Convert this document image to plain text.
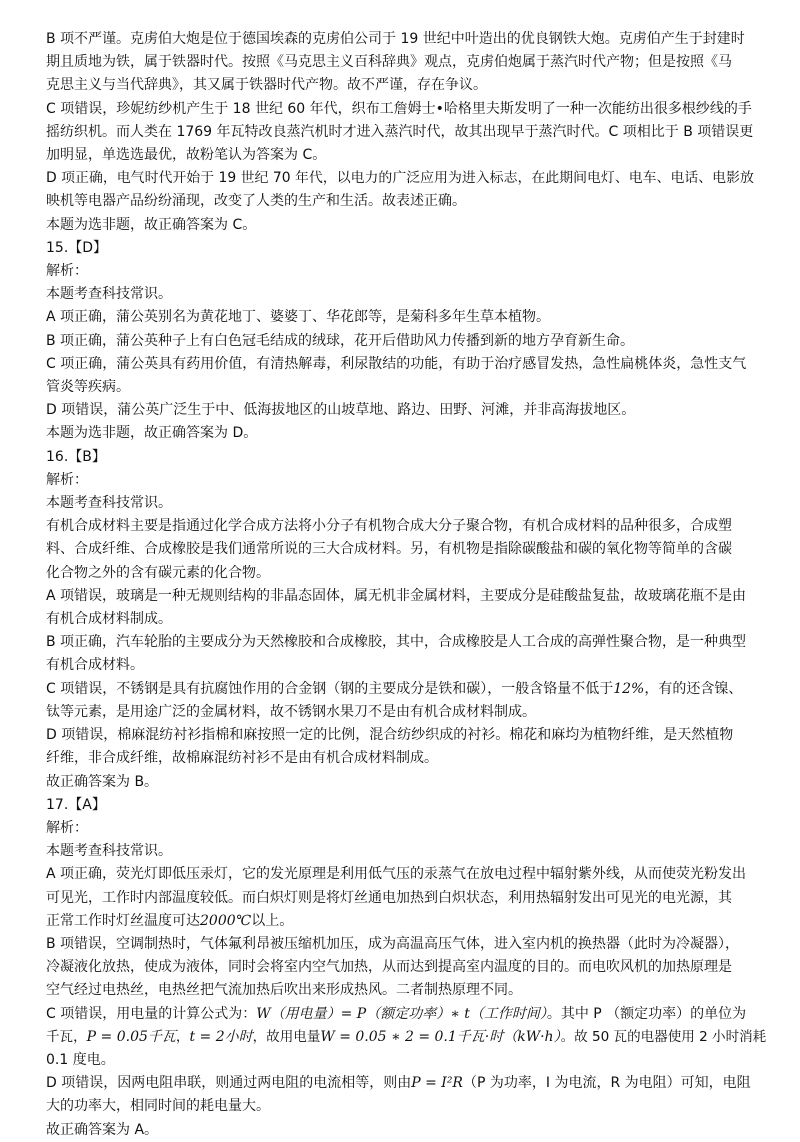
B 项不严谨。克虏伯大炮是位于德国埃森的克虏伯公司于 19 世纪中叶造出的优良钢铁大炮。克虏伯产生于封建时
期且质地为铁，属于铁器时代。按照《马克思主义百科辞典》观点，克虏伯炮属于蒸汽时代产物；但是按照《马
克思主义与当代辞典》，其又属于铁器时代产物。故不严谨，存在争议。
C 项错误，珍妮纺纱机产生于 18 世纪 60 年代，织布工詹姆士•哈格里夫斯发明了一种一次能纺出很多根纱线的手
摇纺织机。而人类在 1769 年瓦特改良蒸汽机时才进入蒸汽时代，故其出现早于蒸汽时代。C 项相比于 B 项错误更
加明显，单选选最优，故粉笔认为答案为 C。
D 项正确，电气时代开始于 19 世纪 70 年代，以电力的广泛应用为进入标志，在此期间电灯、电车、电话、电影放
映机等电器产品纷纷涌现，改变了人类的生产和生活。故表述正确。
本题为选非题，故正确答案为 C。
15.【D】
解析：
本题考查科技常识。
A 项正确，蒲公英别名为黄花地丁、婆婆丁、华花郎等，是菊科多年生草本植物。
B 项正确，蒲公英种子上有白色冠毛结成的绒球，花开后借助风力传播到新的地方孕育新生命。
C 项正确，蒲公英具有药用价值，有清热解毒，利尿散结的功能，有助于治疗感冒发热，急性扁桃体炎，急性支气
管炎等疾病。
D 项错误，蒲公英广泛生于中、低海拔地区的山坡草地、路边、田野、河滩，并非高海拔地区。
本题为选非题，故正确答案为 D。
16.【B】
解析：
本题考查科技常识。
有机合成材料主要是指通过化学合成方法将小分子有机物合成大分子聚合物，有机合成材料的品种很多，合成塑
料、合成纤维、合成橡胶是我们通常所说的三大合成材料。另，有机物是指除碳酸盐和碳的氧化物等简单的含碳
化合物之外的含有碳元素的化合物。
A 项错误，玻璃是一种无规则结构的非晶态固体，属无机非金属材料，主要成分是硅酸盐复盐，故玻璃花瓶不是由
有机合成材料制成。
B 项正确，汽车轮胎的主要成分为天然橡胶和合成橡胶，其中，合成橡胶是人工合成的高弹性聚合物，是一种典型
有机合成材料。
C 项错误，不锈钢是具有抗腐蚀作用的合金钢（钢的主要成分是铁和碳），一般含铬量不低于12%，有的还含镍、
钛等元素，是用途广泛的金属材料，故不锈钢水果刀不是由有机合成材料制成。
D 项错误，棉麻混纺衬衫指棉和麻按照一定的比例，混合纺纱织成的衬衫。棉花和麻均为植物纤维，是天然植物
纤维，非合成纤维，故棉麻混纺衬衫不是由有机合成材料制成。
故正确答案为 B。
17.【A】
解析：
本题考查科技常识。
A 项正确，荧光灯即低压汞灯，它的发光原理是利用低气压的汞蒸气在放电过程中辐射紫外线，从而使荧光粉发出
可见光，工作时内部温度较低。而白炽灯则是将灯丝通电加热到白炽状态，利用热辐射发出可见光的电光源，其
正常工作时灯丝温度可达2000℃以上。
B 项错误，空调制热时，气体氟利昂被压缩机加压，成为高温高压气体，进入室内机的换热器（此时为冷凝器），
冷凝液化放热，使成为液体，同时会将室内空气加热，从而达到提高室内温度的目的。而电吹风机的加热原理是
空气经过电热丝，电热丝把气流加热后吹出来形成热风。二者制热原理不同。
C 项错误，用电量的计算公式为：W（用电量）= P（额定功率）∗ t（工作时间）。其中 P （额定功率）的单位为
千瓦，P = 0.05千瓦，t = 2小时，故用电量W = 0.05 ∗ 2 = 0.1千瓦·时（kW·h）。故 50 瓦的电器使用 2 小时消耗
0.1 度电。
D 项错误，因两电阻串联，则通过两电阻的电流相等，则由P = I²R（P 为功率，I 为电流，R 为电阻）可知，电阻
大的功率大，相同时间的耗电量大。
故正确答案为 A。
